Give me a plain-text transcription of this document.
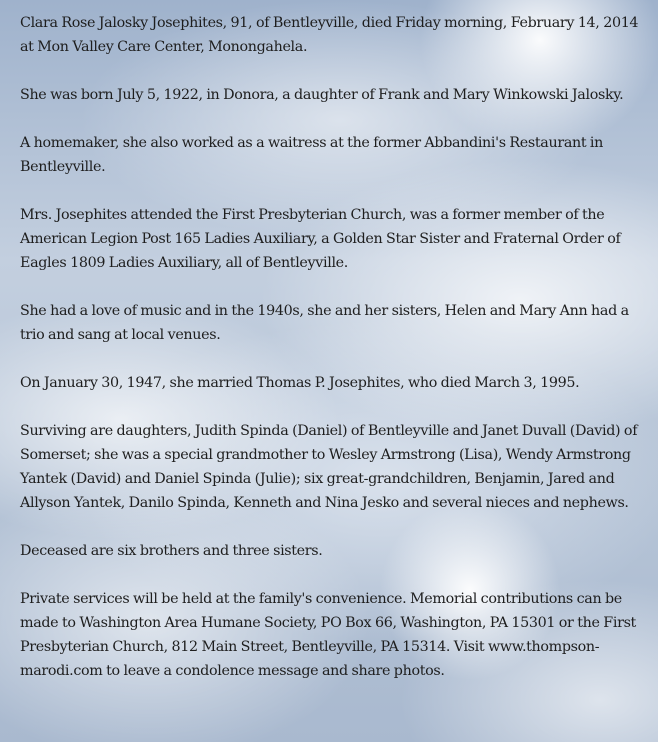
Clara Rose Jalosky Josephites, 91, of Bentleyville, died Friday morning, February 14, 2014 at Mon Valley Care Center, Monongahela.

She was born July 5, 1922, in Donora, a daughter of Frank and Mary Winkowski Jalosky.

A homemaker, she also worked as a waitress at the former Abbandini's Restaurant in Bentleyville.

Mrs. Josephites attended the First Presbyterian Church, was a former member of the American Legion Post 165 Ladies Auxiliary, a Golden Star Sister and Fraternal Order of Eagles 1809 Ladies Auxiliary, all of Bentleyville.

She had a love of music and in the 1940s, she and her sisters, Helen and Mary Ann had a trio and sang at local venues.

On January 30, 1947, she married Thomas P. Josephites, who died March 3, 1995.

Surviving are daughters, Judith Spinda (Daniel) of Bentleyville and Janet Duvall (David) of Somerset; she was a special grandmother to Wesley Armstrong (Lisa), Wendy Armstrong Yantek (David) and Daniel Spinda (Julie); six great-grandchildren, Benjamin, Jared and Allyson Yantek, Danilo Spinda, Kenneth and Nina Jesko and several nieces and nephews.

Deceased are six brothers and three sisters.

Private services will be held at the family's convenience. Memorial contributions can be made to Washington Area Humane Society, PO Box 66, Washington, PA 15301 or the First Presbyterian Church, 812 Main Street, Bentleyville, PA 15314. Visit www.thompson-marodi.com to leave a condolence message and share photos.
